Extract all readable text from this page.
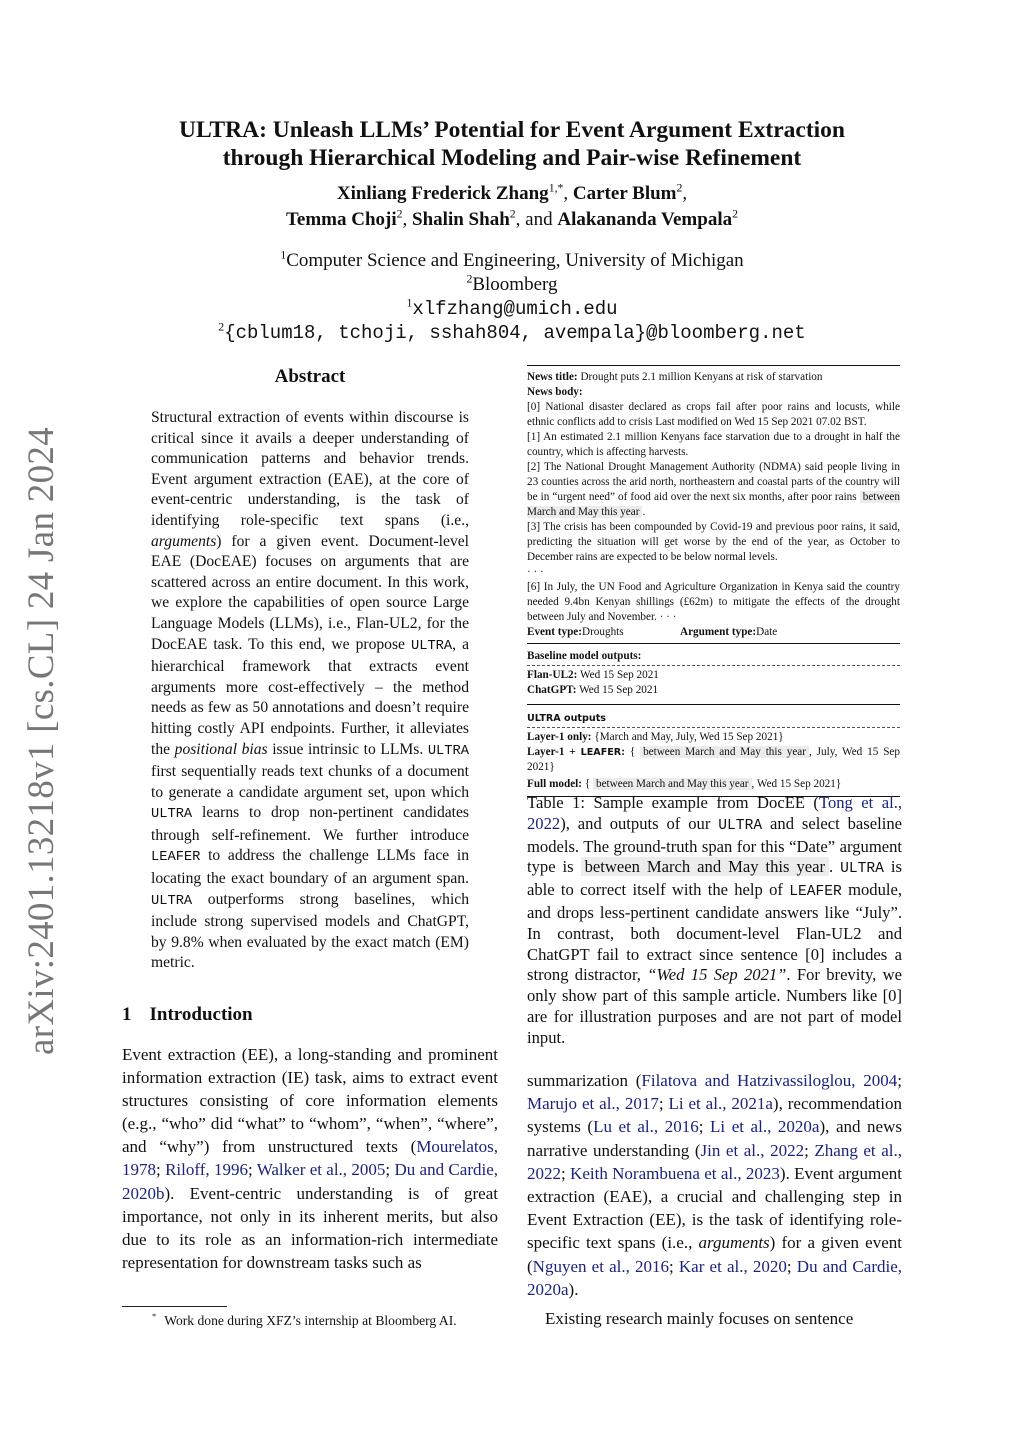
arXiv:2401.13218v1 [cs.CL] 24 Jan 2024
ULTRA: Unleash LLMs’ Potential for Event Argument Extraction
through Hierarchical Modeling and Pair-wise Refinement
Xinliang Frederick Zhang$^{1,*}$, Carter Blum$^2$,
Temma Choji$^2$, Shalin Shah$^2$, and Alakananda Vempala$^2$
$^1$Computer Science and Engineering, University of Michigan
$^2$Bloomberg
$^1$xlfzhang@umich.edu
$^2${cblum18, tchoji, sshah804, avempala}@bloomberg.net
Abstract
Structural extraction of events within discourse is critical since it avails a deeper understanding of communication patterns and behavior trends. Event argument extraction (EAE), at the core of event-centric understanding, is the task of identifying role-specific text spans (i.e., arguments) for a given event. Document-level EAE (DocEAE) focuses on arguments that are scattered across an entire document. In this work, we explore the capabilities of open source Large Language Models (LLMs), i.e., Flan-UL2, for the DocEAE task. To this end, we propose ULTRA, a hierarchical framework that extracts event arguments more cost-effectively – the method needs as few as 50 annotations and doesn’t require hitting costly API endpoints. Further, it alleviates the positional bias issue intrinsic to LLMs. ULTRA first sequentially reads text chunks of a document to generate a candidate argument set, upon which ULTRA learns to drop non-pertinent candidates through self-refinement. We further introduce LEAFER to address the challenge LLMs face in locating the exact boundary of an argument span. ULTRA outperforms strong baselines, which include strong supervised models and ChatGPT, by 9.8% when evaluated by the exact match (EM) metric.
1 Introduction
Event extraction (EE), a long-standing and prominent information extraction (IE) task, aims to extract event structures consisting of core information elements (e.g., “who” did “what” to “whom”, “when”, “where”, and “why”) from unstructured texts (Mourelatos, 1978; Riloff, 1996; Walker et al., 2005; Du and Cardie, 2020b). Event-centric understanding is of great importance, not only in its inherent merits, but also due to its role as an information-rich intermediate representation for downstream tasks such as
* Work done during XFZ’s internship at Bloomberg AI.

News title: Drought puts 2.1 million Kenyans at risk of starvation

News body:

[0] National disaster declared as crops fail after poor rains and locusts, while ethnic conflicts add to crisis Last modified on Wed 15 Sep 2021 07.02 BST.

[1] An estimated 2.1 million Kenyans face starvation due to a drought in half the country, which is affecting harvests.

[2] The National Drought Management Authority (NDMA) said people living in 23 counties across the arid north, northeastern and coastal parts of the country will be in “urgent need” of food aid over the next six months, after poor rains between March and May this year .

[3] The crisis has been compounded by Covid-19 and previous poor rains, it said, predicting the situation will get worse by the end of the year, as October to December rains are expected to be below normal levels.

· · ·

[6] In July, the UN Food and Agriculture Organization in Kenya said the country needed 9.4bn Kenyan shillings (£62m) to mitigate the effects of the drought between July and November. · · ·

Event type:Droughts	Argument type:Date

Baseline model outputs:

Flan-UL2: Wed 15 Sep 2021

ChatGPT: Wed 15 Sep 2021

ULTRA outputs

Layer-1 only: {March and May, July, Wed 15 Sep 2021}

Layer-1 + LEAFER: { between March and May this year , July, Wed 15 Sep 2021}

Full model: { between March and May this year , Wed 15 Sep 2021}

Table 1: Sample example from DocEE (Tong et al., 2022), and outputs of our ULTRA and select baseline models. The ground-truth span for this “Date” argument type is between March and May this year . ULTRA is able to correct itself with the help of LEAFER module, and drops less-pertinent candidate answers like “July”. In contrast, both document-level Flan-UL2 and ChatGPT fail to extract since sentence [0] includes a strong distractor, “Wed 15 Sep 2021”. For brevity, we only show part of this sample article. Numbers like [0] are for illustration purposes and are not part of model input.
summarization (Filatova and Hatzivassiloglou, 2004; Marujo et al., 2017; Li et al., 2021a), recommendation systems (Lu et al., 2016; Li et al., 2020a), and news narrative understanding (Jin et al., 2022; Zhang et al., 2022; Keith Norambuena et al., 2023). Event argument extraction (EAE), a crucial and challenging step in Event Extraction (EE), is the task of identifying role-specific text spans (i.e., arguments) for a given event (Nguyen et al., 2016; Kar et al., 2020; Du and Cardie, 2020a).
Existing research mainly focuses on sentence
